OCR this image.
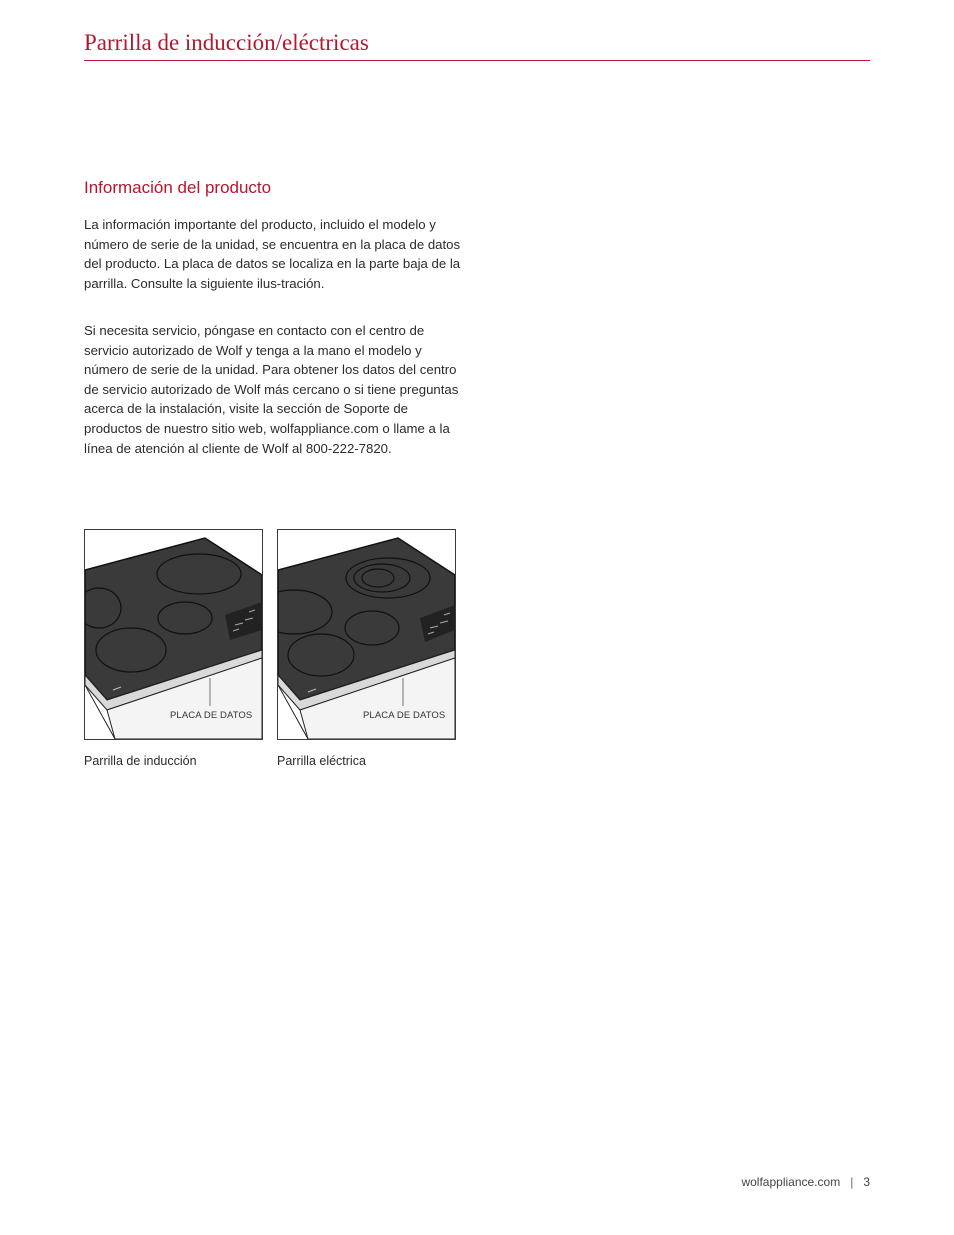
Parrilla de inducción/eléctricas
Información del producto

La información importante del producto, incluido el modelo y número de serie de la unidad, se encuentra en la placa de datos del producto. La placa de datos se localiza en la parte baja de la parrilla. Consulte la siguiente ilus-tración.

Si necesita servicio, póngase en contacto con el centro de servicio autorizado de Wolf y tenga a la mano el modelo y número de serie de la unidad. Para obtener los datos del centro de servicio autorizado de Wolf más cercano o si tiene preguntas acerca de la instalación, visite la sección de Soporte de productos de nuestro sitio web, wolfappliance.com o llame a la línea de atención al cliente de Wolf al 800-222-7820.

PLACA DE DATOS	PLACA DE DATOS
Parrilla de inducción	Parrilla eléctrica
wolfappliance.com | 3
